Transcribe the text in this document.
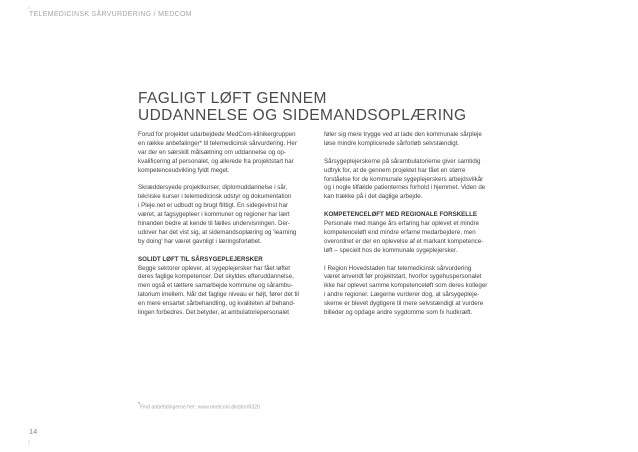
TELEMEDICINSK SÅRVURDERING / MEDCOM
FAGLIGT LØFT GENNEM
UDDANNELSE OG SIDEMANDSOPLÆRING

Forud for projektet udarbejdede MedCom-klinikergruppen
en række anbefalinger* til telemedicinsk sårvurdering. Her
var der en særskilt målsætning om uddannelse og op-
kvalificering af personalet, og allerede fra projektstart har
kompetenceudvikling fyldt meget.

Skræddersyede projektkurser, diplomuddannelse i sår,
tekniske kurser i telemedicinsk udstyr og dokumentation
i Pleje.net er udbudt og brugt flittigt. En sidegevinst har
været, at fagsygepleer i kommuner og regioner har lært
hinanden bedre at kende til fælles undervisningen. Der-
udover har det vist sig, at sidemandsoplæring og 'learning
by doing' har været gavnligt i læringsforløbet.

SOLIDT LØFT TIL SÅRSYGEPLEJERSKER

Begge sektorer oplever, at sygeplejersker har fået løftet
deres faglige kompetencer. Det skyldes efteruddannelse,
men også et tættere samarbejde kommune og sårambu-
latorium imellem. Når det faglige niveau er højt, fører det til
en mere ensartet sårbehandling, og kvaliteten af behand-
lingen forbedres. Det betyder, at ambulatoriepersonalet

føler sig mere trygge ved at lade den kommunale sårpleje
løse mindre komplicerede sårforløb selvstændigt.

Sårsygeplejerskerne på sårambulatorierne giver samtidig
udtryk for, at de gennem projektet har fået en større
forståelse for de kommunale sygeplejerskers arbejdsvilkår
og i nogle tilfælde patienternes forhold i hjemmet. Viden de
kan trække på i det daglige arbejde.

KOMPETENCELØFT MED REGIONALE FORSKELLE

Personale med mange års erfaring har oplevet et mindre
kompetenceløft end mindre erfarne medarbejdere, men
overordnet er der en oplevelse af et markant kompetence-
løft – specielt hos de kommunale sygeplejersker.

I Region Hovedstaden har telemedicinsk sårvurdering
været anvendt før projektstart, hvorfor sygehuspersonalet
ikke har oplevet samme kompetenceløft som deres kolleger
i andre regioner. Lægerne vurderer dog, at sårsygepleje-
skerne er blevet dygtigere til mere selvstændigt at vurdere
billeder og opdage andre sygdomme som fx hudkræft.

*Find anbefalingerne her: www.medcom.dk/stnr/6320
14
